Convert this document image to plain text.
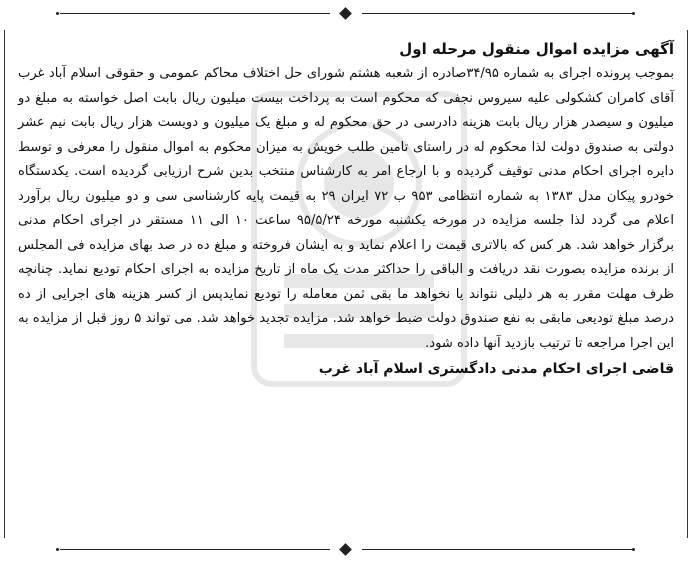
آگهی مزایده اموال منقول مرحله اول

بموجب پرونده اجرای به شماره ۳۴/۹۵صادره از شعبه هشتم شورای حل اختلاف محاکم عمومی و حقوقی اسلام آباد غرب آقای کامران کشکولی علیه سیروس نجفی که محکوم است به پرداخت بیست میلیون ریال بابت اصل خواسته به مبلغ دو میلیون و سیصدر هزار ریال بابت هزینه دادرسی در حق محکوم له و مبلغ یک میلیون و دویست هزار ریال بابت نیم عشر دولتی به صندوق دولت لذا محکوم له در راستای تامین طلب خویش به میزان محکوم به اموال منقول را معرفی و توسط دایره اجرای احکام مدنی توقیف گردیده و با ارجاع امر به کارشناس منتخب بدین شرح ارزیابی گردیده است. یکدستگاه خودرو پیکان مدل ۱۳۸۳ به شماره انتظامی ۹۵۳ ب ۷۲ ایران ۲۹ به قیمت پایه کارشناسی سی و دو میلیون ریال برآورد اعلام می گردد لذا جلسه مزایده در مورخه یکشنبه مورخه ۹۵/۵/۲۴ ساعت ۱۰ الی ۱۱ مستقر در اجرای احکام مدنی برگزار خواهد شد. هر کس که بالاتری قیمت را اعلام نماید و به ایشان فروخته و مبلغ ده در صد بهای مزایده فی المجلس از برنده مزایده بصورت نقد دریافت و الباقی را حداکثر مدت یک ماه از تاریخ مزایده به اجرای احکام تودیع نماید. چنانچه ظرف مهلت مقرر به هر دلیلی نتواند یا نخواهد ما بقی ثمن معامله را تودیع نمایدپس از کسر هزینه های اجرایی از ده درصد مبلغ تودیعی مابقی به نفع صندوق دولت ضبط خواهد شد. مزایده تجدید خواهد شد. می تواند ۵ روز قبل از مزایده به این اجرا مراجعه تا ترتیب بازدید آنها داده شود.

قاضی اجرای احکام مدنی دادگستری اسلام آباد غرب
